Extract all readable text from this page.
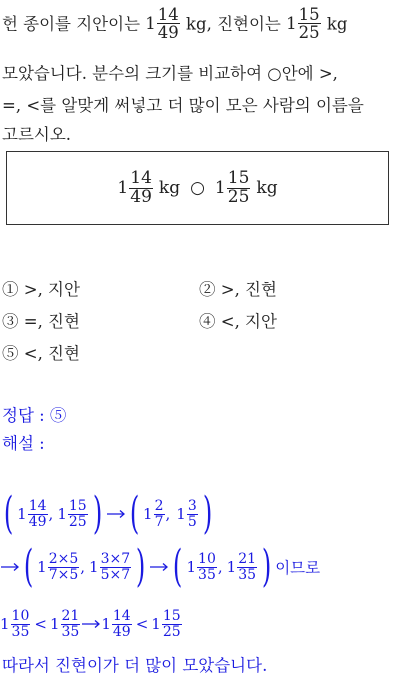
헌 종이를 지안이는 $1 \frac{14}{49}$ kg, 진현이는 $1 \frac{15}{25}$ kg
모았습니다. 분수의 크기를 비교하여 ○안에 >,
=, <를 알맞게 써넣고 더 많이 모은 사람의 이름을
고르시오.
$1 \frac{14}{49}$ kg ○ $1 \frac{15}{25}$ kg
① >, 지안	② >, 진현
③ =, 진현	④ <, 지안
⑤ <, 진현
정답 : ⑤
해설 :
( $1 \frac{14}{49}$ , $1 \frac{15}{25}$ ) ( $1 \frac{2}{7}$ , $1 \frac{3}{5}$ )
( $1 \frac{2\times 5}{7\times 5}$ , $1 \frac{3\times 7}{5\times 7}$ ) ( $1 \frac{10}{35}$ , $1 \frac{21}{35}$ ) 이므로
$1 \frac{10}{35} < 1 \frac{21}{35} 1 \frac{14}{49} < 1 \frac{15}{25}$
따라서 진현이가 더 많이 모았습니다.
